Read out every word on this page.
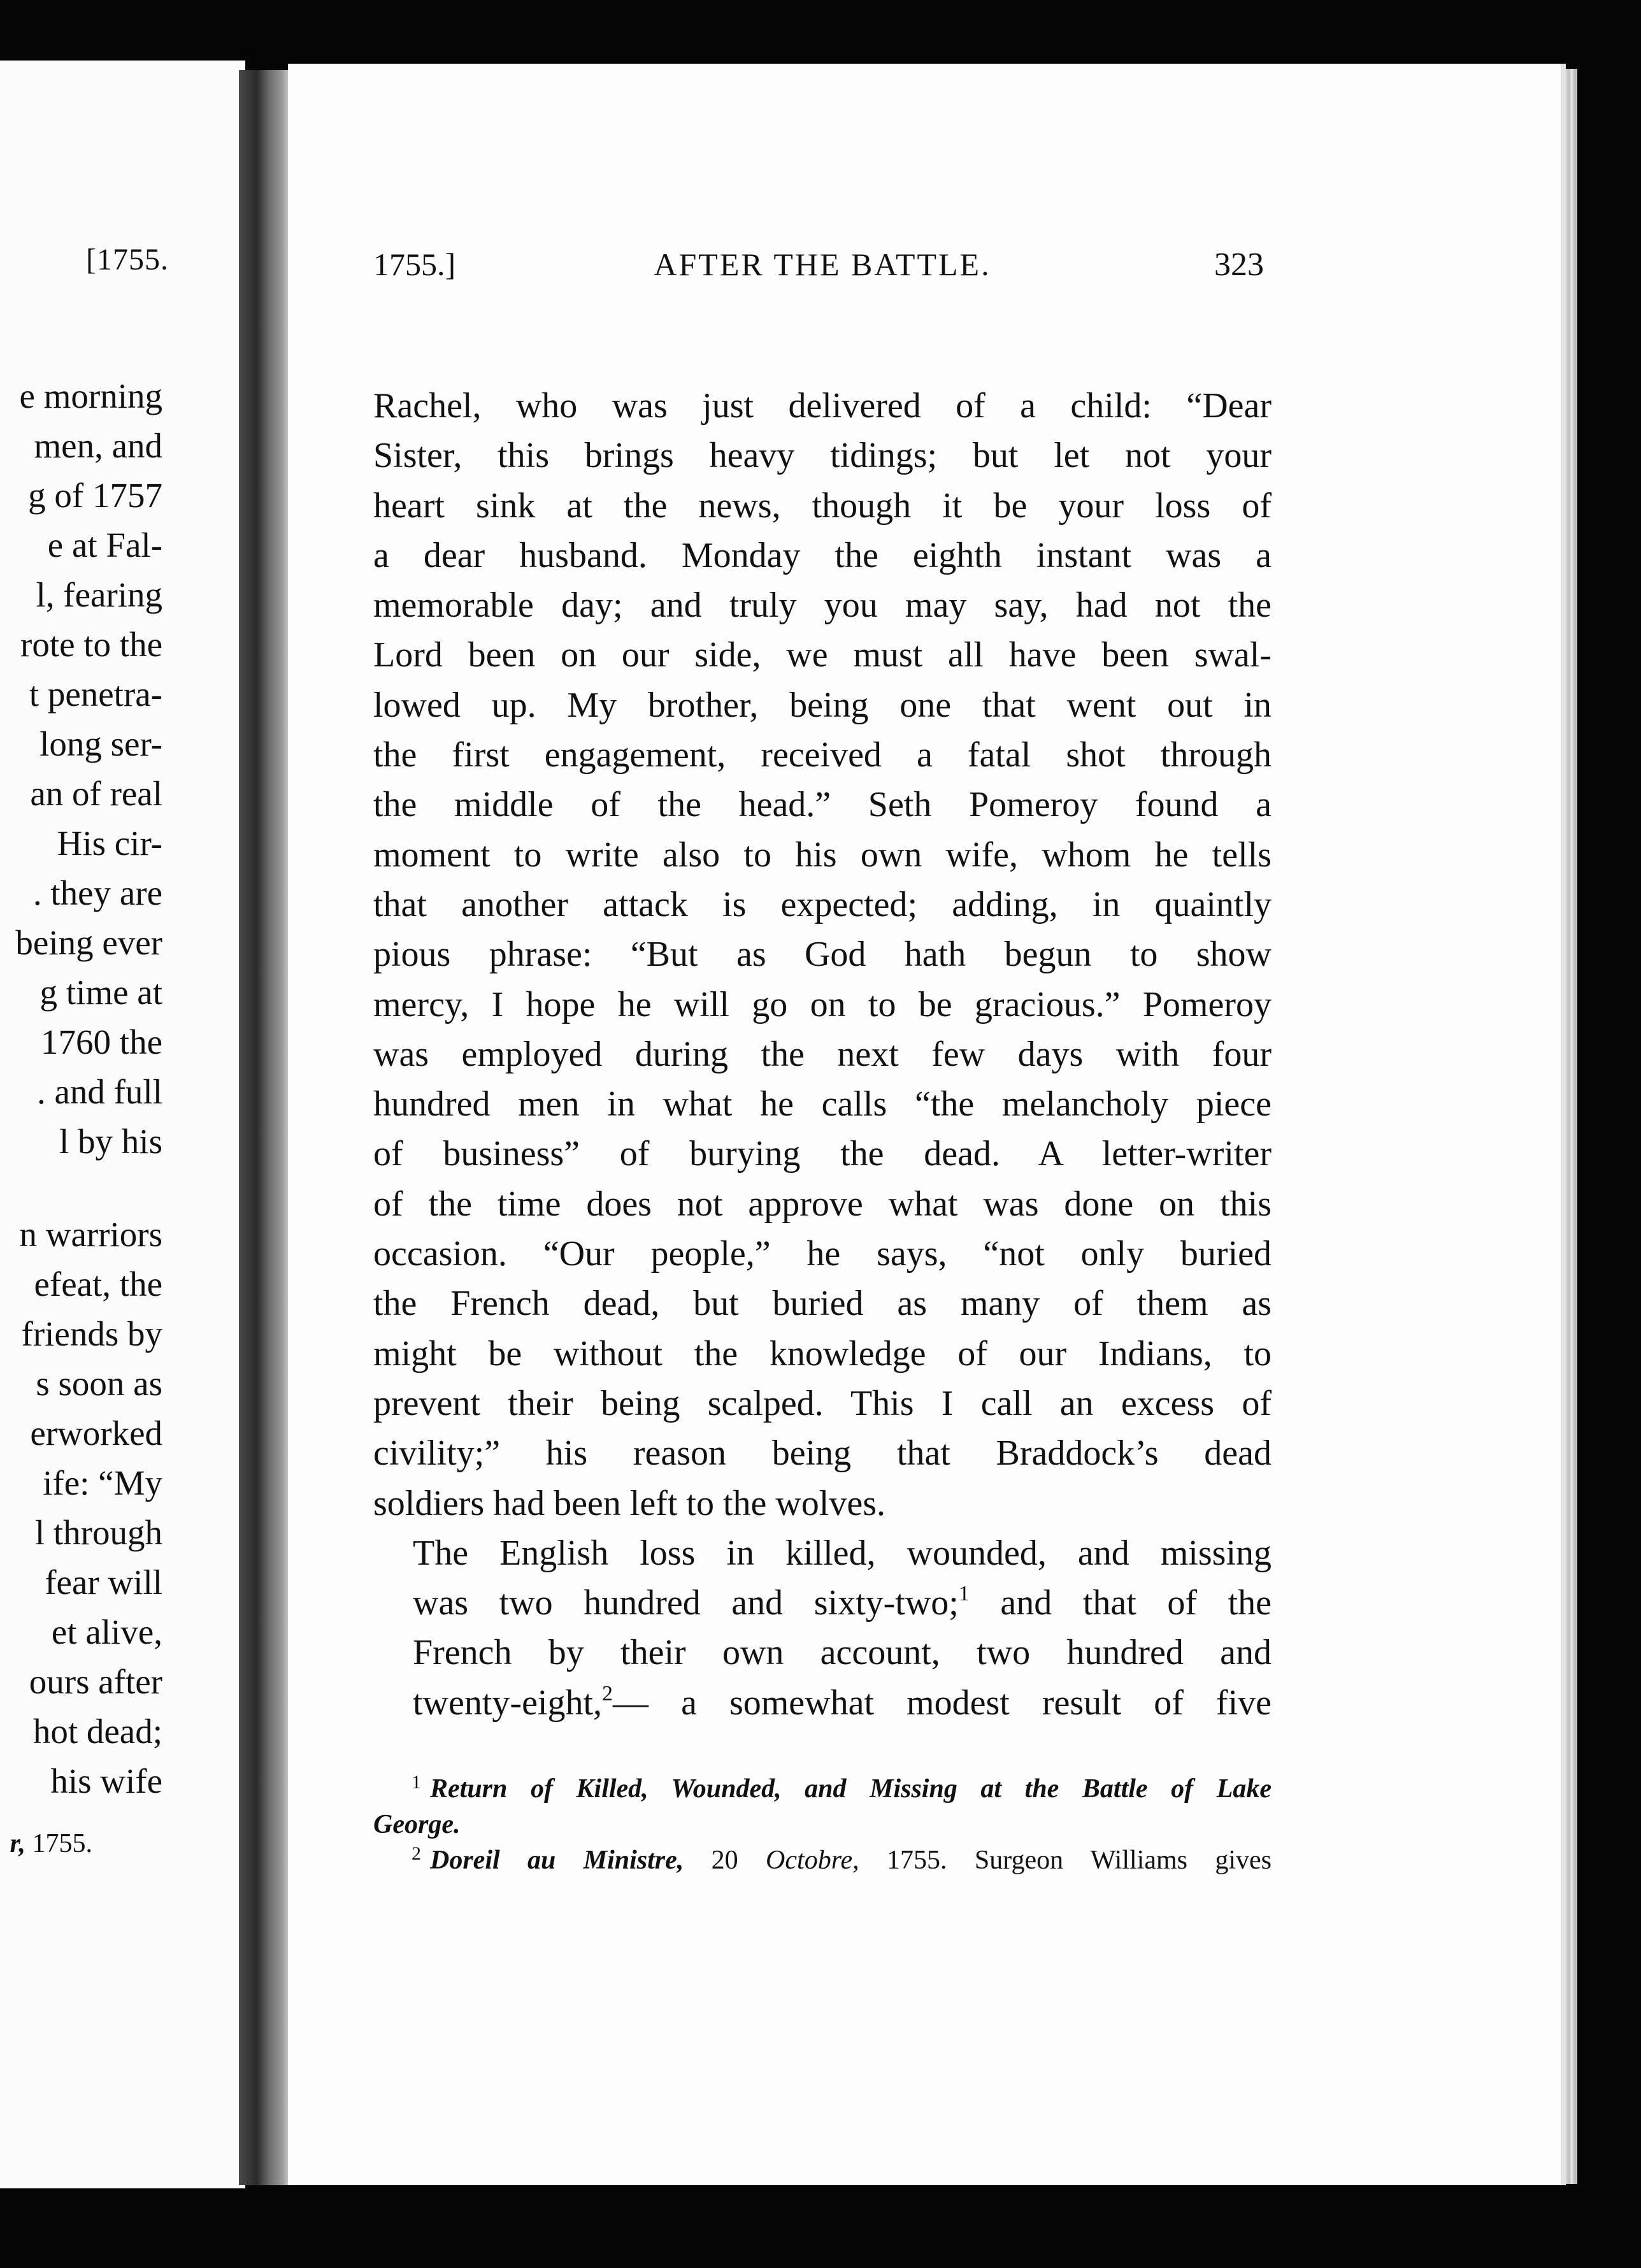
[1755.
e morning
men, and
g of 1757
e at Fal-
l, fearing
rote to the
t penetra-
long ser-
an of real
His cir-
. they are
being ever
g time at
1760 the
. and full
l by his
n warriors
efeat, the
friends by
s soon as
erworked
ife: “My
l through
fear will
et alive,
ours after
hot dead;
his wife
r, 1755.
1755.]	AFTER THE BATTLE.	323

Rachel, who was just delivered of a child: “Dear
Sister, this brings heavy tidings; but let not your
heart sink at the news, though it be your loss of
a dear husband. Monday the eighth instant was a
memorable day; and truly you may say, had not the
Lord been on our side, we must all have been swal-
lowed up. My brother, being one that went out in
the first engagement, received a fatal shot through
the middle of the head.” Seth Pomeroy found a
moment to write also to his own wife, whom he tells
that another attack is expected; adding, in quaintly
pious phrase: “But as God hath begun to show
mercy, I hope he will go on to be gracious.” Pomeroy
was employed during the next few days with four
hundred men in what he calls “the melancholy piece
of business” of burying the dead. A letter-writer
of the time does not approve what was done on this
occasion. “Our people,” he says, “not only buried
the French dead, but buried as many of them as
might be without the knowledge of our Indians, to
prevent their being scalped. This I call an excess of
civility;” his reason being that Braddock’s dead
soldiers had been left to the wolves.

The English loss in killed, wounded, and missing
was two hundred and sixty-two;$^1$ and that of the
French by their own account, two hundred and
twenty-eight,$^2$— a somewhat modest result of five

$^1$ Return of Killed, Wounded, and Missing at the Battle of Lake
George.
$^2$ Doreil au Ministre, 20 Octobre, 1755. Surgeon Williams gives
